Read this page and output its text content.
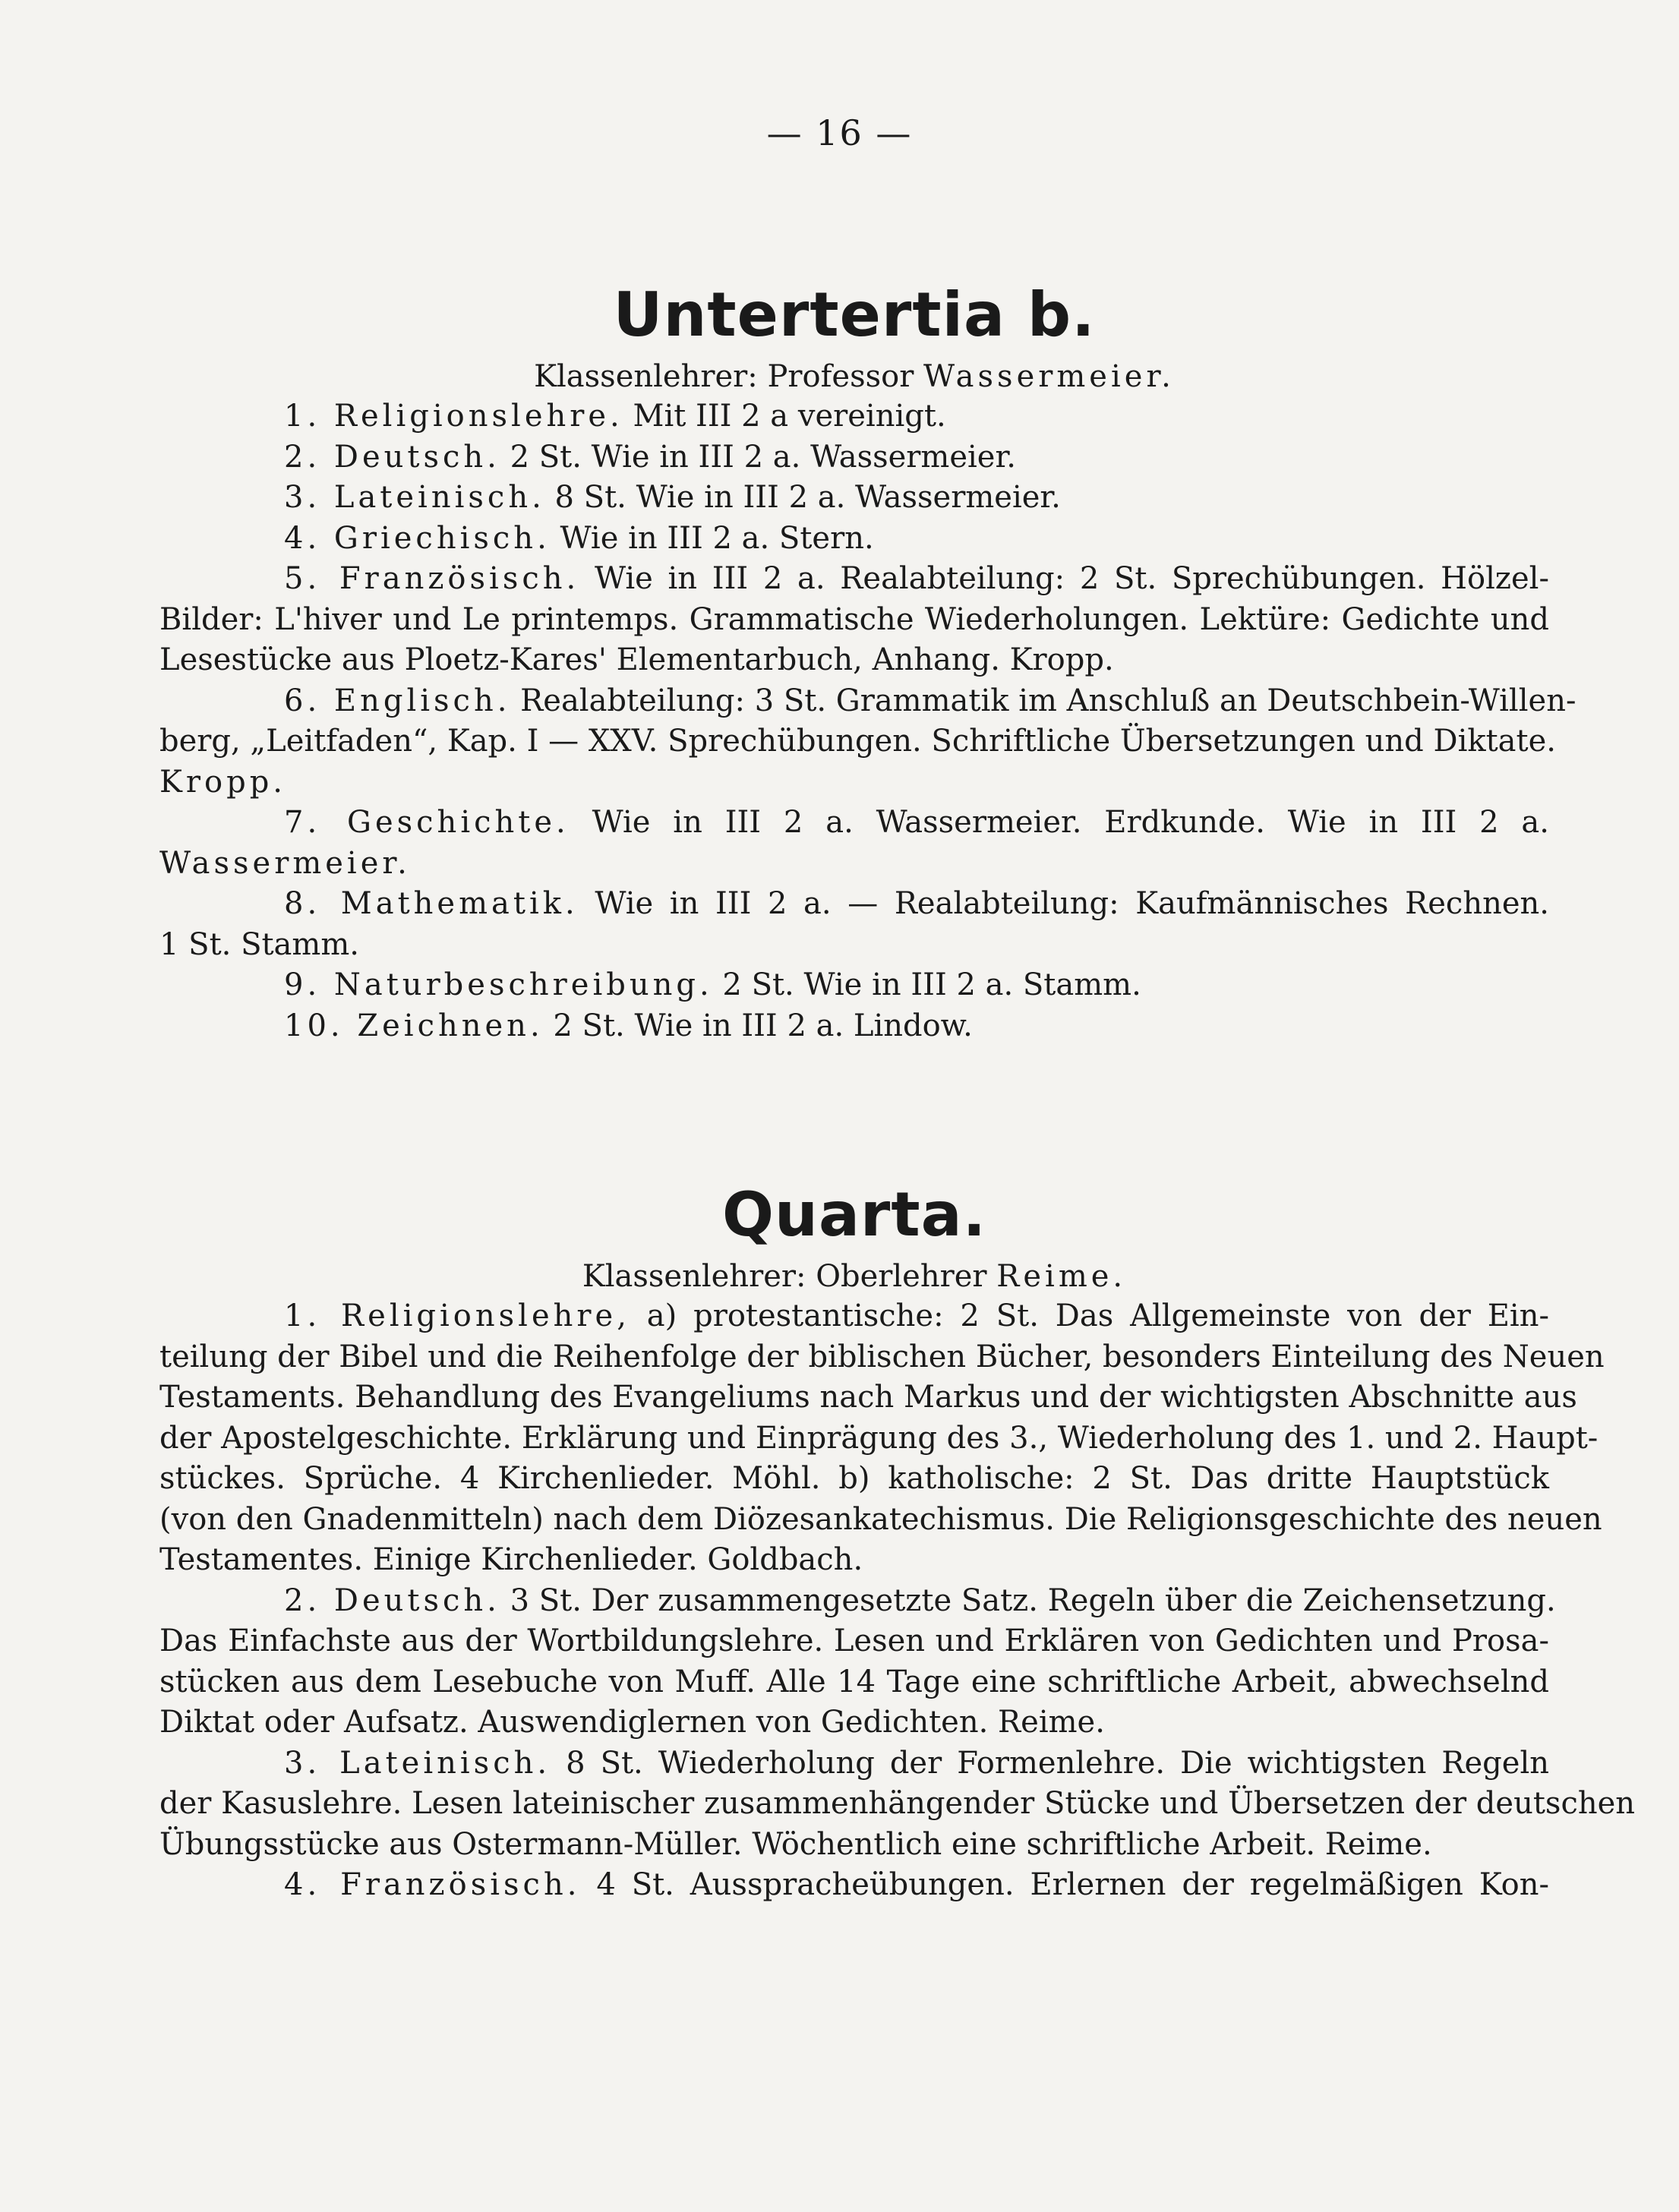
— 16 —
Untertertia b.

Klassenlehrer: Professor Wassermeier.

1. Religionslehre. Mit III 2 a vereinigt.
2. Deutsch. 2 St. Wie in III 2 a. Wassermeier.
3. Lateinisch. 8 St. Wie in III 2 a. Wassermeier.
4. Griechisch. Wie in III 2 a. Stern.
5. Französisch. Wie in III 2 a. Realabteilung: 2 St. Sprechübungen. Hölzel-
Bilder: L'hiver und Le printemps. Grammatische Wiederholungen. Lektüre: Gedichte und
Lesestücke aus Ploetz-Kares' Elementarbuch, Anhang. Kropp.
6. Englisch. Realabteilung: 3 St. Grammatik im Anschluß an Deutschbein-Willen-
berg, „Leitfaden“, Kap. I — XXV. Sprechübungen. Schriftliche Übersetzungen und Diktate.
Kropp.
7. Geschichte. Wie in III 2 a. Wassermeier. Erdkunde. Wie in III 2 a.
Wassermeier.
8. Mathematik. Wie in III 2 a. — Realabteilung: Kaufmännisches Rechnen.
1 St. Stamm.
9. Naturbeschreibung. 2 St. Wie in III 2 a. Stamm.
10. Zeichnen. 2 St. Wie in III 2 a. Lindow.
Quarta.

Klassenlehrer: Oberlehrer Reime.

1. Religionslehre, a) protestantische: 2 St. Das Allgemeinste von der Ein-
teilung der Bibel und die Reihenfolge der biblischen Bücher, besonders Einteilung des Neuen
Testaments. Behandlung des Evangeliums nach Markus und der wichtigsten Abschnitte aus
der Apostelgeschichte. Erklärung und Einprägung des 3., Wiederholung des 1. und 2. Haupt-
stückes. Sprüche. 4 Kirchenlieder. Möhl. b) katholische: 2 St. Das dritte Hauptstück
(von den Gnadenmitteln) nach dem Diözesankatechismus. Die Religionsgeschichte des neuen
Testamentes. Einige Kirchenlieder. Goldbach.
2. Deutsch. 3 St. Der zusammengesetzte Satz. Regeln über die Zeichensetzung.
Das Einfachste aus der Wortbildungslehre. Lesen und Erklären von Gedichten und Prosa-
stücken aus dem Lesebuche von Muff. Alle 14 Tage eine schriftliche Arbeit, abwechselnd
Diktat oder Aufsatz. Auswendiglernen von Gedichten. Reime.
3. Lateinisch. 8 St. Wiederholung der Formenlehre. Die wichtigsten Regeln
der Kasuslehre. Lesen lateinischer zusammenhängender Stücke und Übersetzen der deutschen
Übungsstücke aus Ostermann-Müller. Wöchentlich eine schriftliche Arbeit. Reime.
4. Französisch. 4 St. Ausspracheübungen. Erlernen der regelmäßigen Kon-
